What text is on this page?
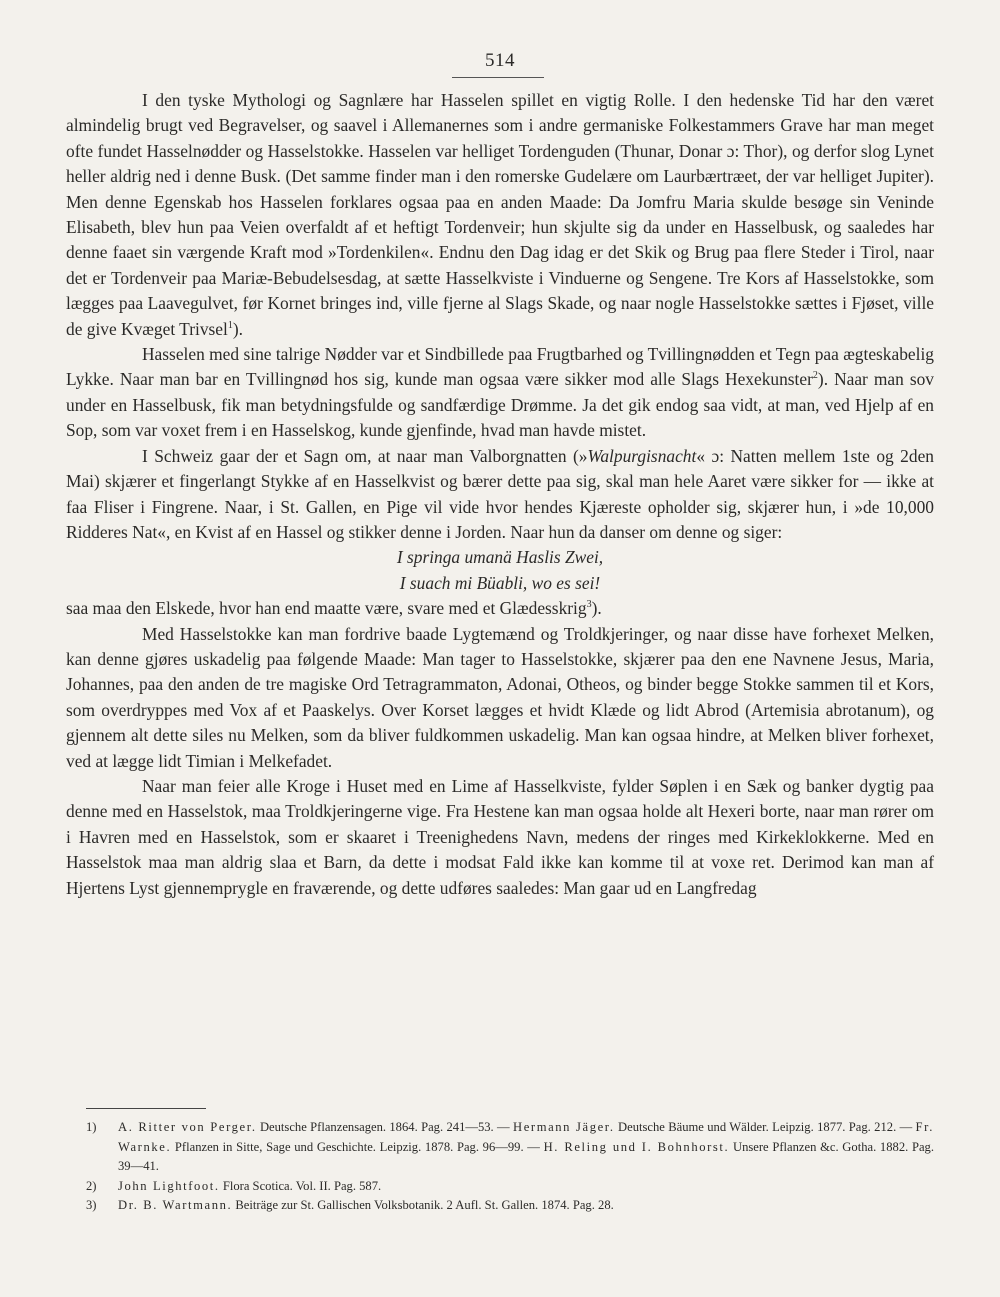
514

I den tyske Mythologi og Sagnlære har Hasselen spillet en vigtig Rolle. I den hedenske Tid har den været almindelig brugt ved Begravelser, og saavel i Allemanernes som i andre germaniske Folkestammers Grave har man meget ofte fundet Hasselnødder og Hasselstokke. Hasselen var helliget Tordenguden (Thunar, Donar ɔ: Thor), og derfor slog Lynet heller aldrig ned i denne Busk. (Det samme finder man i den romerske Gudelære om Laurbærtræet, der var helliget Jupiter). Men denne Egenskab hos Hasselen forklares ogsaa paa en anden Maade: Da Jomfru Maria skulde besøge sin Veninde Elisabeth, blev hun paa Veien overfaldt af et heftigt Tordenveir; hun skjulte sig da under en Hasselbusk, og saaledes har denne faaet sin værgende Kraft mod »Tordenkilen«. Endnu den Dag idag er det Skik og Brug paa flere Steder i Tirol, naar det er Tordenveir paa Mariæ-Bebudelsesdag, at sætte Hasselkviste i Vinduerne og Sengene. Tre Kors af Hasselstokke, som lægges paa Laavegulvet, før Kornet bringes ind, ville fjerne al Slags Skade, og naar nogle Hasselstokke sættes i Fjøset, ville de give Kvæget Trivsel$^1$).

Hasselen med sine talrige Nødder var et Sindbillede paa Frugtbarhed og Tvillingnødden et Tegn paa ægteskabelig Lykke. Naar man bar en Tvillingnød hos sig, kunde man ogsaa være sikker mod alle Slags Hexekunster$^2$). Naar man sov under en Hasselbusk, fik man betydningsfulde og sandfærdige Drømme. Ja det gik endog saa vidt, at man, ved Hjelp af en Sop, som var voxet frem i en Hasselskog, kunde gjenfinde, hvad man havde mistet.

I Schweiz gaar der et Sagn om, at naar man Valborgnatten (»Walpurgisnacht« ɔ: Natten mellem 1ste og 2den Mai) skjærer et fingerlangt Stykke af en Hasselkvist og bærer dette paa sig, skal man hele Aaret være sikker for — ikke at faa Fliser i Fingrene. Naar, i St. Gallen, en Pige vil vide hvor hendes Kjæreste opholder sig, skjærer hun, i »de 10,000 Ridderes Nat«, en Kvist af en Hassel og stikker denne i Jorden. Naar hun da danser om denne og siger:

I springa umanä Haslis Zwei,
I suach mi Büabli, wo es sei!

saa maa den Elskede, hvor han end maatte være, svare med et Glædesskrig$^3$).

Med Hasselstokke kan man fordrive baade Lygtemænd og Troldkjeringer, og naar disse have forhexet Melken, kan denne gjøres uskadelig paa følgende Maade: Man tager to Hasselstokke, skjærer paa den ene Navnene Jesus, Maria, Johannes, paa den anden de tre magiske Ord Tetragrammaton, Adonai, Otheos, og binder begge Stokke sammen til et Kors, som overdryppes med Vox af et Paaskelys. Over Korset lægges et hvidt Klæde og lidt Abrod (Artemisia abrotanum), og gjennem alt dette siles nu Melken, som da bliver fuldkommen uskadelig. Man kan ogsaa hindre, at Melken bliver forhexet, ved at lægge lidt Timian i Melkefadet.

Naar man feier alle Kroge i Huset med en Lime af Hasselkviste, fylder Søplen i en Sæk og banker dygtig paa denne med en Hasselstok, maa Troldkjeringerne vige. Fra Hestene kan man ogsaa holde alt Hexeri borte, naar man rører om i Havren med en Hasselstok, som er skaaret i Treenighedens Navn, medens der ringes med Kirkeklokkerne. Med en Hasselstok maa man aldrig slaa et Barn, da dette i modsat Fald ikke kan komme til at voxe ret. Derimod kan man af Hjertens Lyst gjennemprygle en fraværende, og dette udføres saaledes: Man gaar ud en Langfredag

1) A. Ritter von Perger. Deutsche Pflanzensagen. 1864. Pag. 241—53. — Hermann Jäger. Deutsche Bäume und Wälder. Leipzig. 1877. Pag. 212. — Fr. Warnke. Pflanzen in Sitte, Sage und Geschichte. Leipzig. 1878. Pag. 96—99. — H. Reling und I. Bohnhorst. Unsere Pflanzen &c. Gotha. 1882. Pag. 39—41.

2) John Lightfoot. Flora Scotica. Vol. II. Pag. 587.

3) Dr. B. Wartmann. Beiträge zur St. Gallischen Volksbotanik. 2 Aufl. St. Gallen. 1874. Pag. 28.
